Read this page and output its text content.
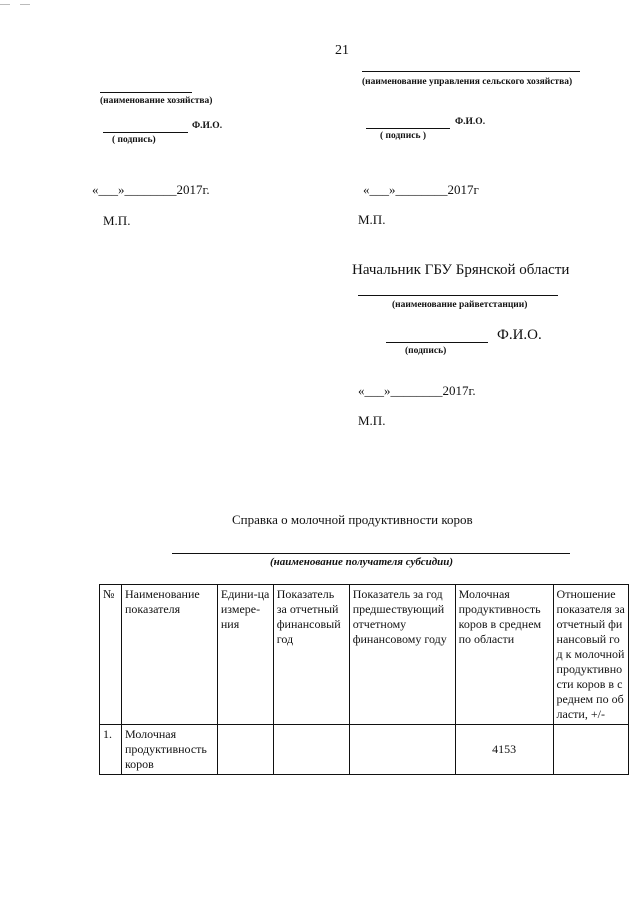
21
(наименование хозяйства)
Ф.И.О.
( подпись)
«___»________2017г.
М.П.
(наименование управления сельского хозяйства)
Ф.И.О.
( подпись )
«___»________2017г
М.П.
Начальник ГБУ Брянской области
(наименование райветстанции)
Ф.И.О.
(подпись)
«___»________2017г.
М.П.
Справка о молочной продуктивности коров
(наименование получателя субсидии)
№	Наименование показателя	Едини-ца измере-ния	Показатель за отчетный финансовый год	Показатель за год предшествующий отчетному финансовому году	Молочная продуктивность коров в среднем по области	Отношение показателя за отчетный финансовый год к молочной продуктивности коров в среднем по области, +/-
1.	Молочная продуктивность коров				4153	
